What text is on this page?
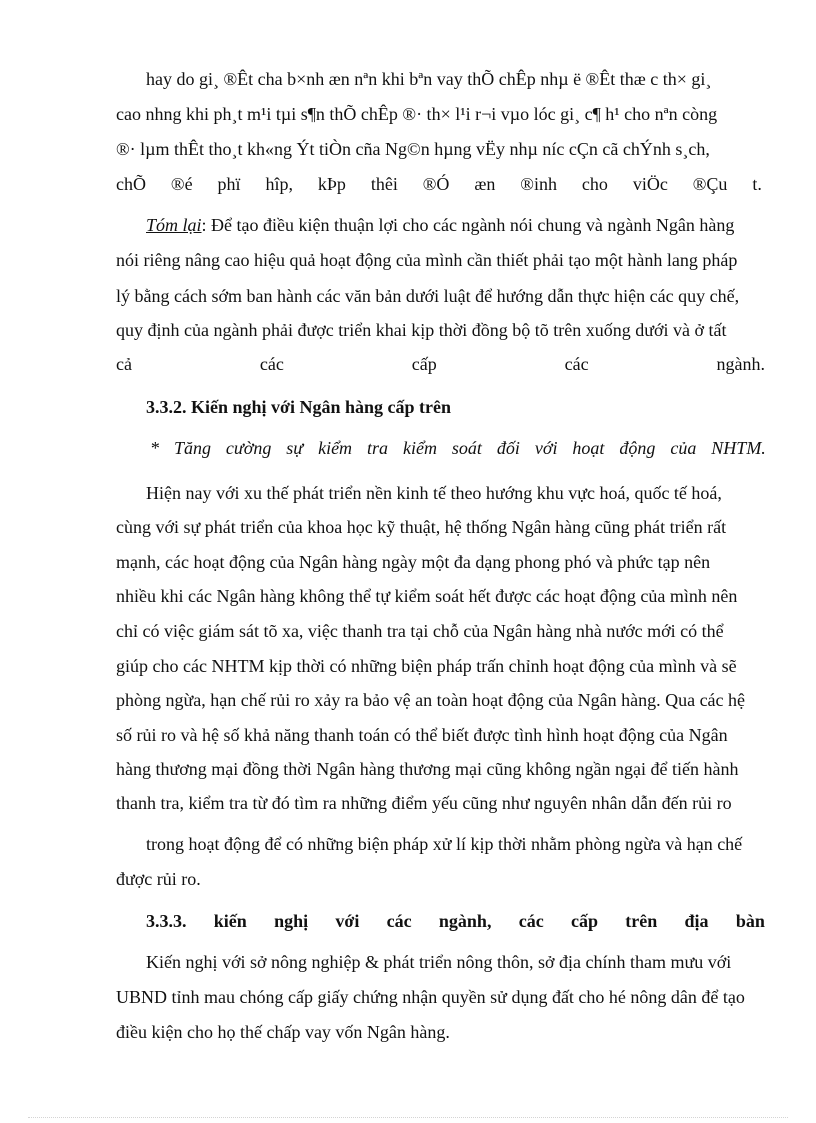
hay do gi¸ ®Êt cha b×nh æn nªn khi bªn vay thÕ chÊp nhµ ë ®Êt thæ c th× gi¸
cao nhng khi ph¸t m¹i tµi s¶n thÕ chÊp ®· th× l¹i r¬i vµo lóc gi¸ c¶ h¹ cho nªn còng
®· lµm thÊt tho¸t kh«ng Ýt tiÒn cña Ng©n hµng vËy nhµ níc cÇn cã chÝnh s¸ch,
chÕ ®é phï hîp, kÞp thêi ®Ó æn ®inh cho viÖc ®Çu t.
Tóm lại: Để tạo điều kiện thuận lợi cho các ngành nói chung và ngành Ngân hàng
nói riêng nâng cao hiệu quả hoạt động của mình cần thiết phải tạo một hành lang pháp
lý bằng cách sớm ban hành các văn bản dưới luật để hướng dẫn thực hiện các quy chế,
quy định của ngành phải được triển khai kịp thời đồng bộ tõ trên xuống dưới và ở tất
cả	các	cấp	các	ngành.
3.3.2. Kiến nghị với Ngân hàng cấp trên
* Tăng cường sự kiểm tra kiểm soát đối với hoạt động của NHTM.
Hiện nay với xu thế phát triển nền kinh tế theo hướng khu vực hoá, quốc tế hoá,
cùng với sự phát triển của khoa học kỹ thuật, hệ thống Ngân hàng cũng phát triển rất
mạnh, các hoạt động của Ngân hàng ngày một đa dạng phong phó và phức tạp nên
nhiều khi các Ngân hàng không thể tự kiểm soát hết được các hoạt động của mình nên
chỉ có việc giám sát tõ xa, việc thanh tra tại chỗ của Ngân hàng nhà nước mới có thể
giúp cho các NHTM kịp thời có những biện pháp trấn chỉnh hoạt động của mình và sẽ
phòng ngừa, hạn chế rủi ro xảy ra bảo vệ an toàn hoạt động của Ngân hàng. Qua các hệ
số rủi ro và hệ số khả năng thanh toán có thể biết được tình hình hoạt động của Ngân
hàng thương mại đồng thời Ngân hàng thương mại cũng không ngần ngại để tiến hành
thanh tra, kiểm tra từ đó tìm ra những điểm yếu cũng như nguyên nhân dẫn đến rủi ro
trong hoạt động để có những biện pháp xử lí kịp thời nhằm phòng ngừa và hạn chế
được rủi ro.
3.3.3. kiến nghị với các ngành, các cấp trên địa bàn
Kiến nghị với sở nông nghiệp & phát triển nông thôn, sở địa chính tham mưu với
UBND tỉnh mau chóng cấp giấy chứng nhận quyền sử dụng đất cho hé nông dân để tạo
điều kiện cho họ thế chấp vay vốn Ngân hàng.
